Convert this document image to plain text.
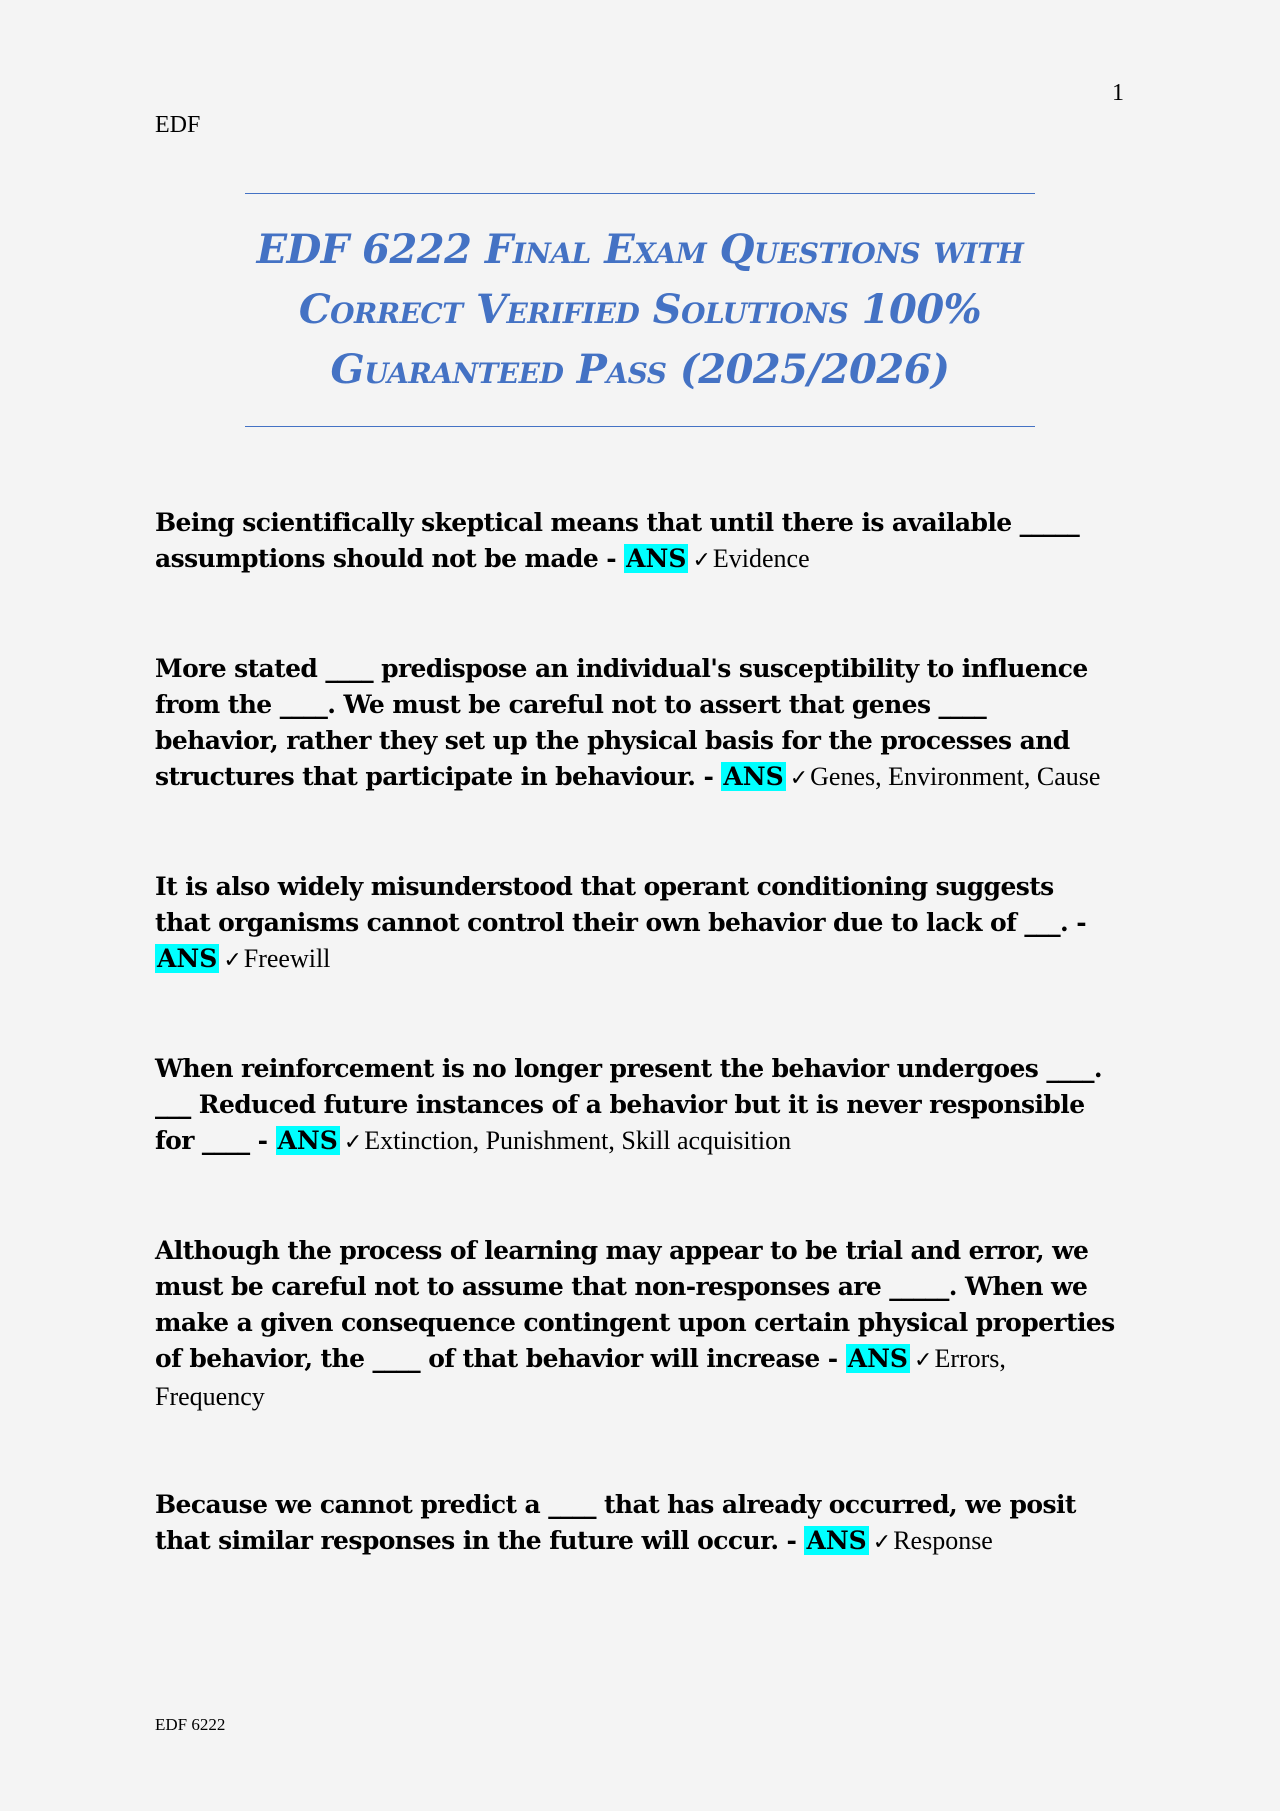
1
EDF
EDF 6222 Final Exam Questions with
Correct Verified Solutions 100%
Guaranteed Pass (2025/2026)
Being scientifically skeptical means that until there is available _____ assumptions should not be made - ANS ✓Evidence
More stated ____ predispose an individual's susceptibility to influence from the ____. We must be careful not to assert that genes ____ behavior, rather they set up the physical basis for the processes and structures that participate in behaviour. - ANS ✓Genes, Environment, Cause
It is also widely misunderstood that operant conditioning suggests that organisms cannot control their own behavior due to lack of ___. - ANS ✓Freewill
When reinforcement is no longer present the behavior undergoes ____. ___ Reduced future instances of a behavior but it is never responsible for ____ - ANS ✓Extinction, Punishment, Skill acquisition
Although the process of learning may appear to be trial and error, we must be careful not to assume that non-responses are _____. When we make a given consequence contingent upon certain physical properties of behavior, the ____ of that behavior will increase - ANS ✓Errors, Frequency
Because we cannot predict a ____ that has already occurred, we posit that similar responses in the future will occur. - ANS ✓Response
EDF 6222
